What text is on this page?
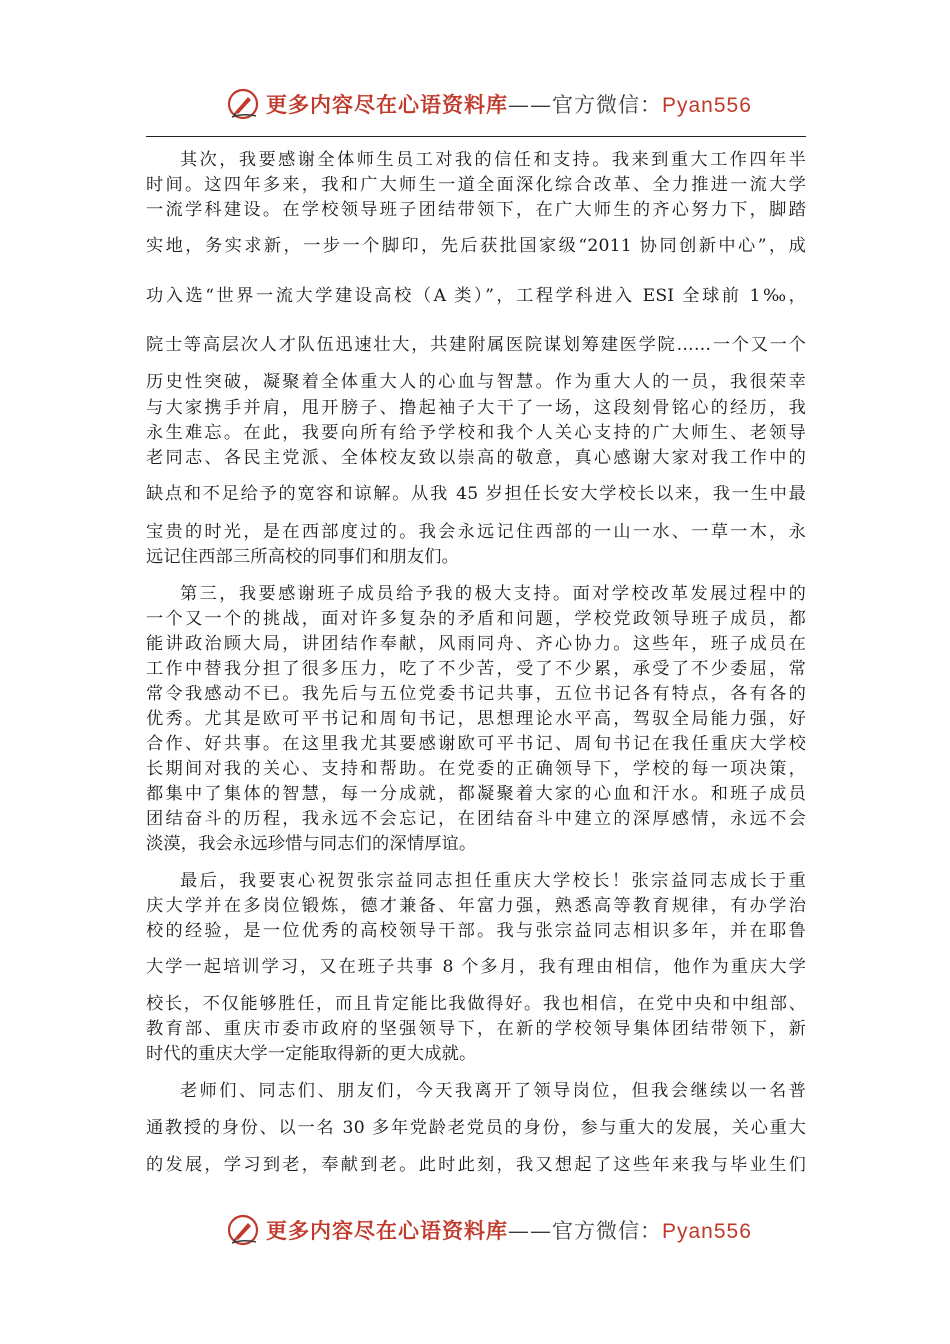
更多内容尽在心语资料库——官方微信：Pyan556
其次，我要感谢全体师生员工对我的信任和支持。我来到重大工作四年半
时间。这四年多来，我和广大师生一道全面深化综合改革、全力推进一流大学
一流学科建设。在学校领导班子团结带领下，在广大师生的齐心努力下，脚踏
实地，务实求新，一步一个脚印，先后获批国家级“2011 协同创新中心”，成
功入选“世界一流大学建设高校（A 类）”，工程学科进入 ESI 全球前 1‰，
院士等高层次人才队伍迅速壮大，共建附属医院谋划筹建医学院……一个又一个
历史性突破，凝聚着全体重大人的心血与智慧。作为重大人的一员，我很荣幸
与大家携手并肩，甩开膀子、撸起袖子大干了一场，这段刻骨铭心的经历，我
永生难忘。在此，我要向所有给予学校和我个人关心支持的广大师生、老领导
老同志、各民主党派、全体校友致以崇高的敬意，真心感谢大家对我工作中的
缺点和不足给予的宽容和谅解。从我 45 岁担任长安大学校长以来，我一生中最
宝贵的时光，是在西部度过的。我会永远记住西部的一山一水、一草一木，永
远记住西部三所高校的同事们和朋友们。
第三，我要感谢班子成员给予我的极大支持。面对学校改革发展过程中的
一个又一个的挑战，面对许多复杂的矛盾和问题，学校党政领导班子成员，都
能讲政治顾大局，讲团结作奉献，风雨同舟、齐心协力。这些年，班子成员在
工作中替我分担了很多压力，吃了不少苦，受了不少累，承受了不少委屈，常
常令我感动不已。我先后与五位党委书记共事，五位书记各有特点，各有各的
优秀。尤其是欧可平书记和周旬书记，思想理论水平高，驾驭全局能力强，好
合作、好共事。在这里我尤其要感谢欧可平书记、周旬书记在我任重庆大学校
长期间对我的关心、支持和帮助。在党委的正确领导下，学校的每一项决策，
都集中了集体的智慧，每一分成就，都凝聚着大家的心血和汗水。和班子成员
团结奋斗的历程，我永远不会忘记，在团结奋斗中建立的深厚感情，永远不会
淡漠，我会永远珍惜与同志们的深情厚谊。
最后，我要衷心祝贺张宗益同志担任重庆大学校长！张宗益同志成长于重
庆大学并在多岗位锻炼，德才兼备、年富力强，熟悉高等教育规律，有办学治
校的经验，是一位优秀的高校领导干部。我与张宗益同志相识多年，并在耶鲁
大学一起培训学习，又在班子共事 8 个多月，我有理由相信，他作为重庆大学
校长，不仅能够胜任，而且肯定能比我做得好。我也相信，在党中央和中组部、
教育部、重庆市委市政府的坚强领导下，在新的学校领导集体团结带领下，新
时代的重庆大学一定能取得新的更大成就。
老师们、同志们、朋友们，今天我离开了领导岗位，但我会继续以一名普
通教授的身份、以一名 30 多年党龄老党员的身份，参与重大的发展，关心重大
的发展，学习到老，奉献到老。此时此刻，我又想起了这些年来我与毕业生们
更多内容尽在心语资料库——官方微信：Pyan556
